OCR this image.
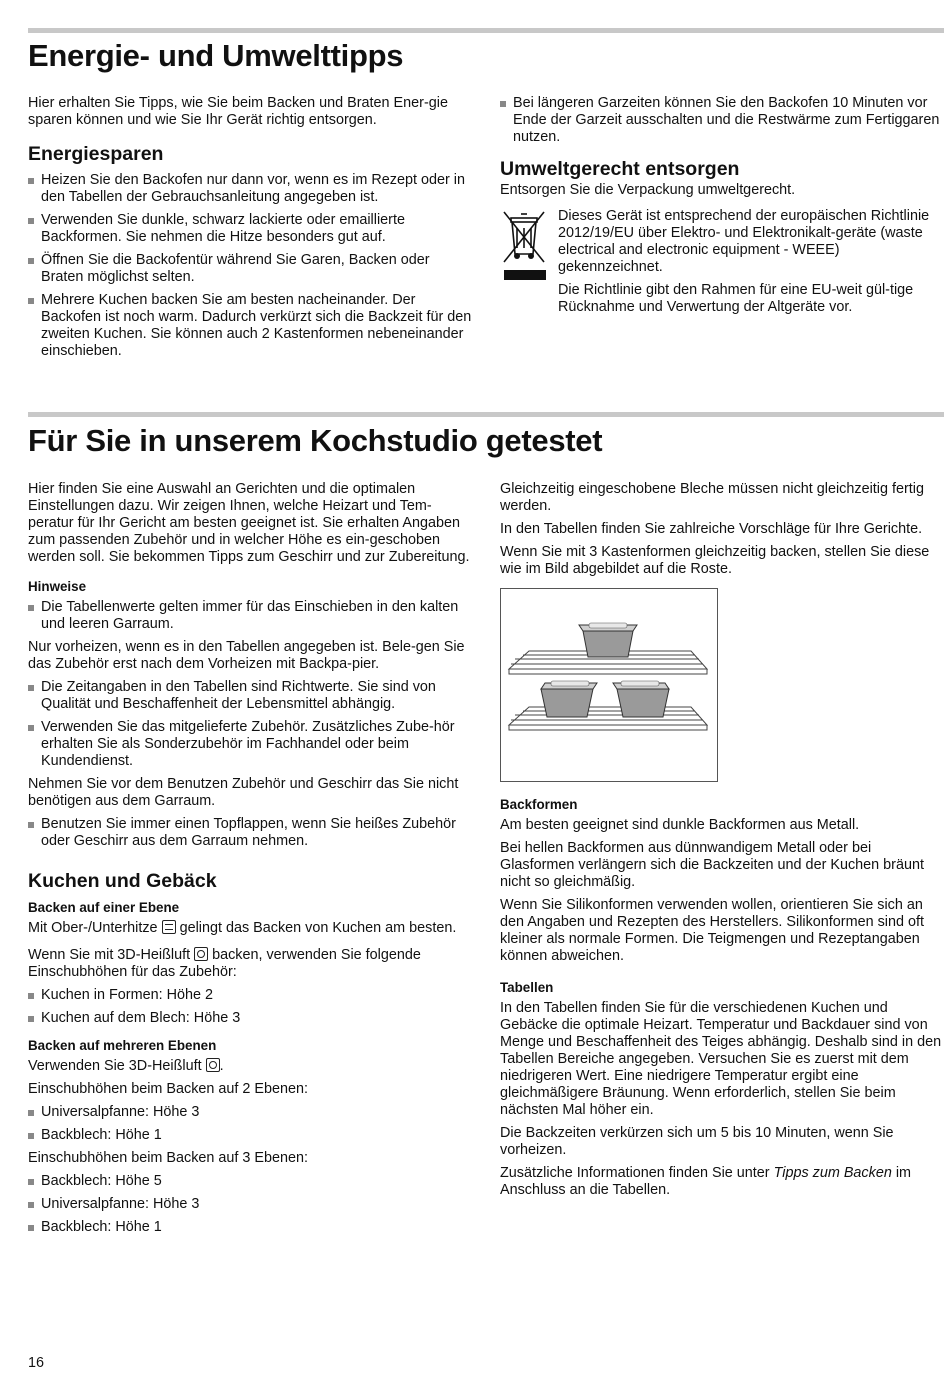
Energie- und Umwelttipps

Hier erhalten Sie Tipps, wie Sie beim Backen und Braten Ener-gie sparen können und wie Sie Ihr Gerät richtig entsorgen.

Energiesparen
Heizen Sie den Backofen nur dann vor, wenn es im Rezept oder in den Tabellen der Gebrauchsanleitung angegeben ist.
Verwenden Sie dunkle, schwarz lackierte oder emaillierte Backformen. Sie nehmen die Hitze besonders gut auf.
Öffnen Sie die Backofentür während Sie Garen, Backen oder Braten möglichst selten.
Mehrere Kuchen backen Sie am besten nacheinander. Der Backofen ist noch warm. Dadurch verkürzt sich die Backzeit für den zweiten Kuchen. Sie können auch 2 Kastenformen nebeneinander einschieben.
Bei längeren Garzeiten können Sie den Backofen 10 Minuten vor Ende der Garzeit ausschalten und die Restwärme zum Fertiggaren nutzen.
Umweltgerecht entsorgen

Entsorgen Sie die Verpackung umweltgerecht.

Dieses Gerät ist entsprechend der europäischen Richtlinie 2012/19/EU über Elektro- und Elektronikalt-geräte (waste electrical and electronic equipment - WEEE) gekennzeichnet.

Die Richtlinie gibt den Rahmen für eine EU-weit gül-tige Rücknahme und Verwertung der Altgeräte vor.

Für Sie in unserem Kochstudio getestet

Hier finden Sie eine Auswahl an Gerichten und die optimalen Einstellungen dazu. Wir zeigen Ihnen, welche Heizart und Tem-peratur für Ihr Gericht am besten geeignet ist. Sie erhalten Angaben zum passenden Zubehör und in welcher Höhe es ein-geschoben werden soll. Sie bekommen Tipps zum Geschirr und zur Zubereitung.

Hinweise
Die Tabellenwerte gelten immer für das Einschieben in den kalten und leeren Garraum.

Nur vorheizen, wenn es in den Tabellen angegeben ist. Bele-gen Sie das Zubehör erst nach dem Vorheizen mit Backpa-pier.

Die Zeitangaben in den Tabellen sind Richtwerte. Sie sind von Qualität und Beschaffenheit der Lebensmittel abhängig.
Verwenden Sie das mitgelieferte Zubehör. Zusätzliches Zube-hör erhalten Sie als Sonderzubehör im Fachhandel oder beim Kundendienst.

Nehmen Sie vor dem Benutzen Zubehör und Geschirr das Sie nicht benötigen aus dem Garraum.

Benutzen Sie immer einen Topflappen, wenn Sie heißes Zubehör oder Geschirr aus dem Garraum nehmen.
Kuchen und Gebäck
Backen auf einer Ebene

Mit Ober-/Unterhitze gelingt das Backen von Kuchen am besten.

Wenn Sie mit 3D-Heißluft backen, verwenden Sie folgende Einschubhöhen für das Zubehör:

Kuchen in Formen: Höhe 2
Kuchen auf dem Blech: Höhe 3
Backen auf mehreren Ebenen

Verwenden Sie 3D-Heißluft .

Einschubhöhen beim Backen auf 2 Ebenen:

Universalpfanne: Höhe 3
Backblech: Höhe 1

Einschubhöhen beim Backen auf 3 Ebenen:

Backblech: Höhe 5
Universalpfanne: Höhe 3
Backblech: Höhe 1

Gleichzeitig eingeschobene Bleche müssen nicht gleichzeitig fertig werden.

In den Tabellen finden Sie zahlreiche Vorschläge für Ihre Gerichte.

Wenn Sie mit 3 Kastenformen gleichzeitig backen, stellen Sie diese wie im Bild abgebildet auf die Roste.

Backformen

Am besten geeignet sind dunkle Backformen aus Metall.

Bei hellen Backformen aus dünnwandigem Metall oder bei Glasformen verlängern sich die Backzeiten und der Kuchen bräunt nicht so gleichmäßig.

Wenn Sie Silikonformen verwenden wollen, orientieren Sie sich an den Angaben und Rezepten des Herstellers. Silikonformen sind oft kleiner als normale Formen. Die Teigmengen und Rezeptangaben können abweichen.

Tabellen

In den Tabellen finden Sie für die verschiedenen Kuchen und Gebäcke die optimale Heizart. Temperatur und Backdauer sind von Menge und Beschaffenheit des Teiges abhängig. Deshalb sind in den Tabellen Bereiche angegeben. Versuchen Sie es zuerst mit dem niedrigeren Wert. Eine niedrigere Temperatur ergibt eine gleichmäßigere Bräunung. Wenn erforderlich, stellen Sie beim nächsten Mal höher ein.

Die Backzeiten verkürzen sich um 5 bis 10 Minuten, wenn Sie vorheizen.

Zusätzliche Informationen finden Sie unter Tipps zum Backen im Anschluss an die Tabellen.

16
